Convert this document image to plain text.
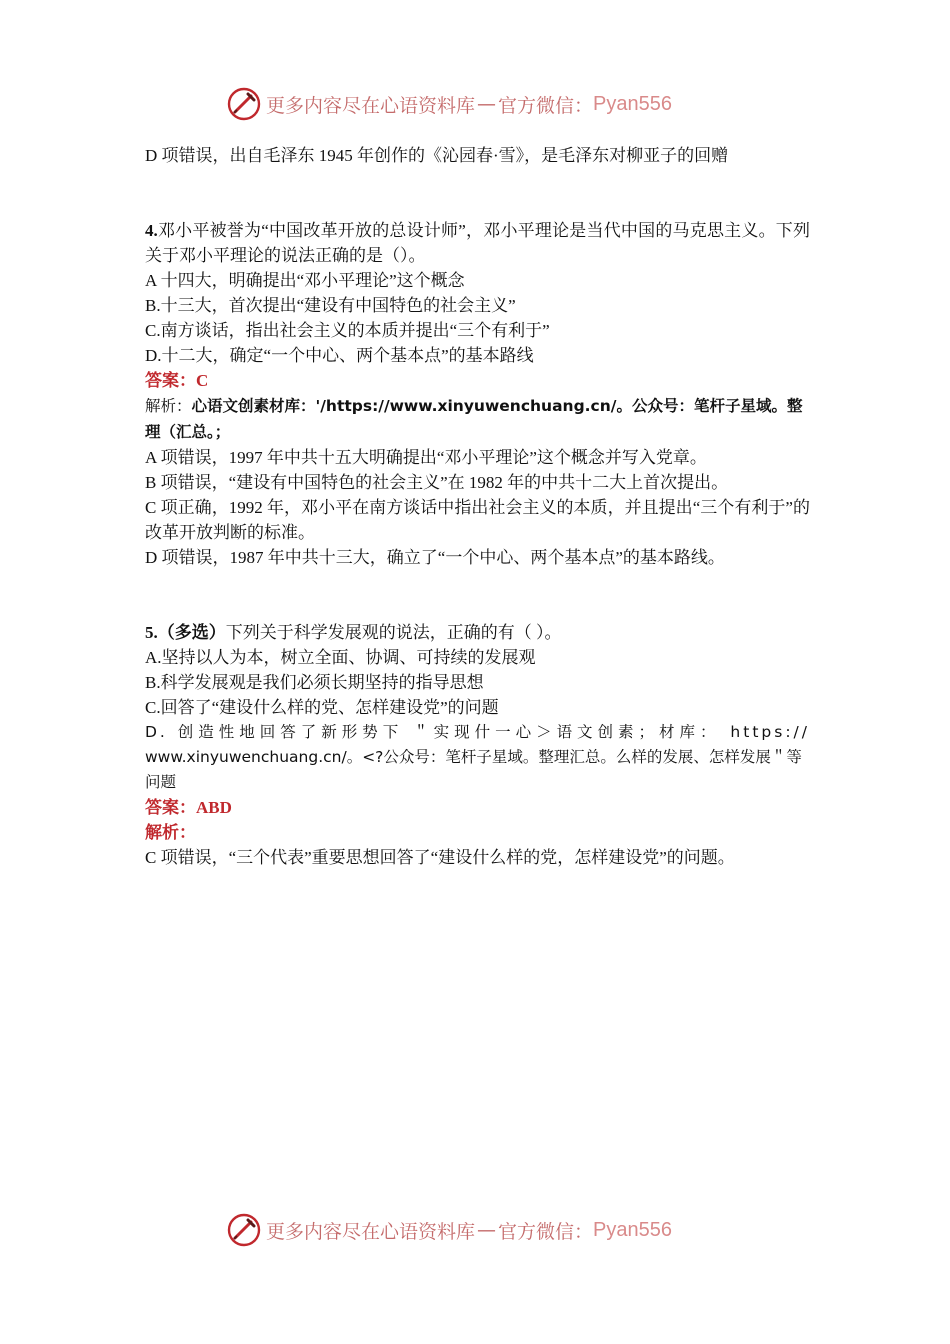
更多内容尽在心语资料库 — 官方微信： Pyan556

D 项错误，出自毛泽东 1945 年创作的《沁园春·雪》，是毛泽东对柳亚子的回赠

4.邓小平被誉为“中国改革开放的总设计师”，邓小平理论是当代中国的马克思主义。下列关于邓小平理论的说法正确的是（）。

A 十四大，明确提出“邓小平理论”这个概念

B.十三大，首次提出“建设有中国特色的社会主义”

C.南方谈话，指出社会主义的本质并提出“三个有利于”

D.十二大，确定“一个中心、两个基本点”的基本路线

答案：C

解析：心语文创素材库：'/https://www.xinyuwenchuang.cn/。公众号：笔杆子星域。整理（汇总。；

A 项错误，1997 年中共十五大明确提出“邓小平理论”这个概念并写入党章。

B 项错误，“建设有中国特色的社会主义”在 1982 年的中共十二大上首次提出。

C 项正确，1992 年，邓小平在南方谈话中指出社会主义的本质，并且提出“三个有利于”的改革开放判断的标准。

D 项错误，1987 年中共十三大，确立了“一个中心、两个基本点”的基本路线。

5.（多选）下列关于科学发展观的说法，正确的有（ ）。

A.坚持以人为本，树立全面、协调、可持续的发展观

B.科学发展观是我们必须长期坚持的指导思想

C.回答了“建设什么样的党、怎样建设党”的问题

D. 创造性地回答了新形势下 ＂实现什一心＞语文创素；材库： https://

www.xinyuwenchuang.cn/。<?公众号：笔杆子星域。整理汇总。么样的发展、怎样发展＂等问题

答案：ABD

解析：

C 项错误，“三个代表”重要思想回答了“建设什么样的党，怎样建设党”的问题。

更多内容尽在心语资料库 — 官方微信： Pyan556
